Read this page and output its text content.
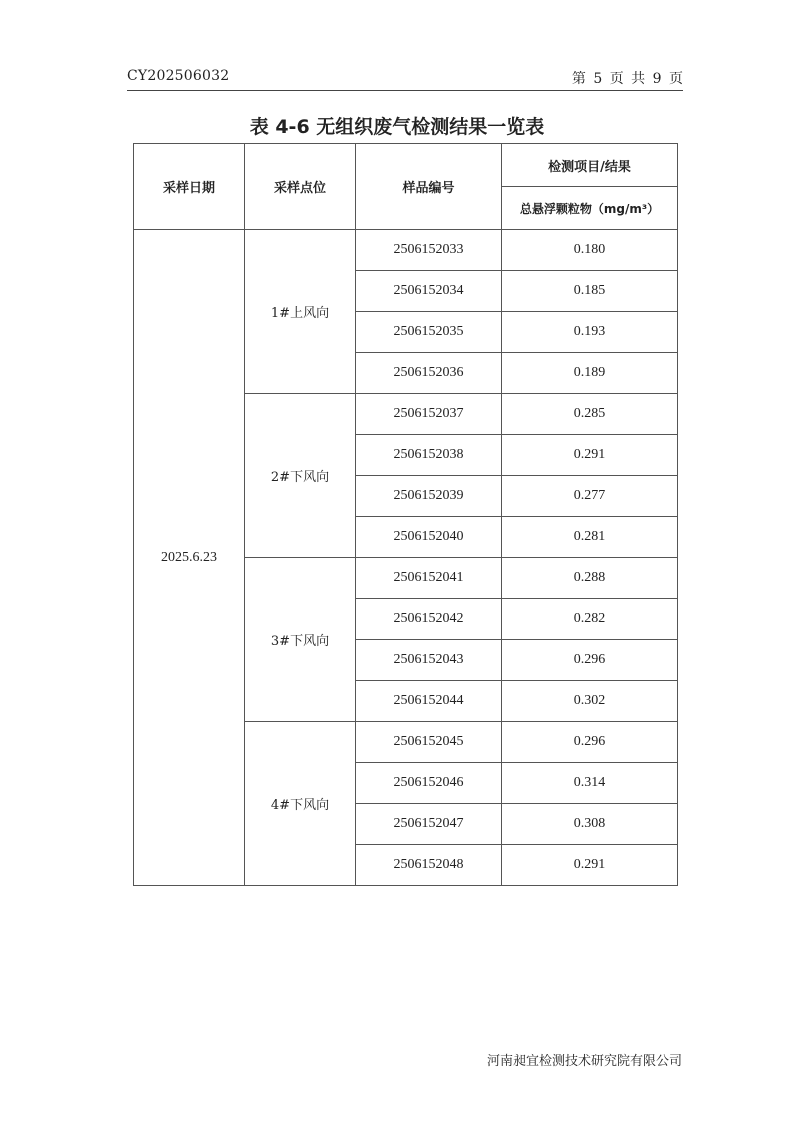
CY202506032	第 5 页 共 9 页
表 4-6 无组织废气检测结果一览表
采样日期	采样点位	样品编号	检测项目/结果
			总悬浮颗粒物（mg/m³）
2025.6.23	1#上风向	2506152033	0.180
		2506152034	0.185
		2506152035	0.193
		2506152036	0.189
	2#下风向	2506152037	0.285
		2506152038	0.291
		2506152039	0.277
		2506152040	0.281
	3#下风向	2506152041	0.288
		2506152042	0.282
		2506152043	0.296
		2506152044	0.302
	4#下风向	2506152045	0.296
		2506152046	0.314
		2506152047	0.308
		2506152048	0.291
河南昶宜检测技术研究院有限公司
